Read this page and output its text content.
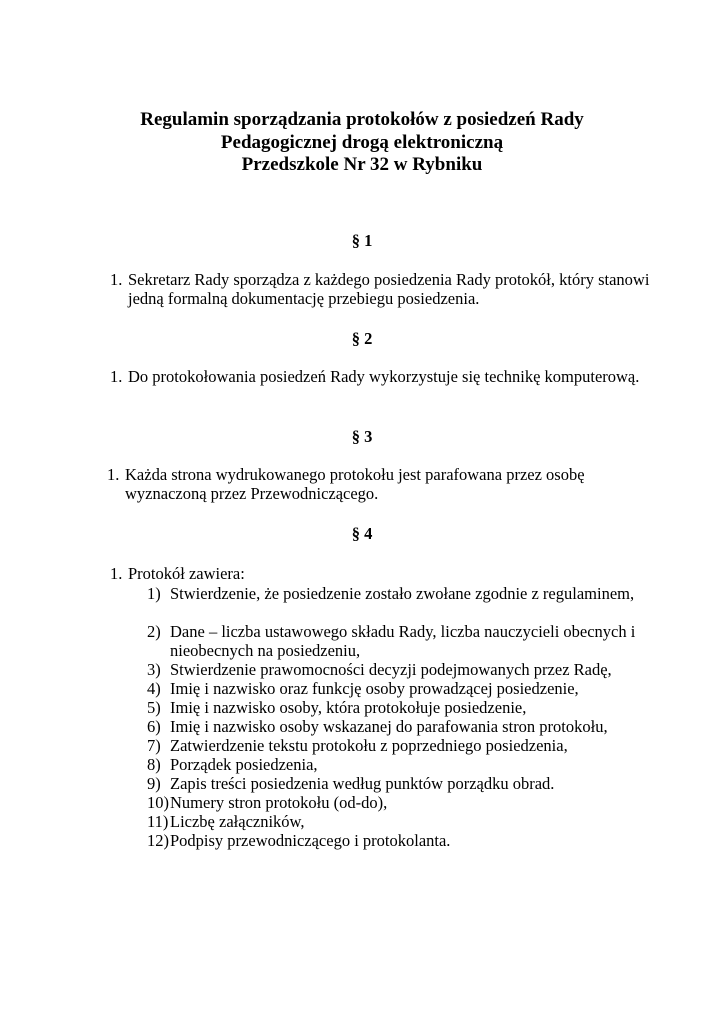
Regulamin sporządzania protokołów z posiedzeń Rady
Pedagogicznej drogą elektroniczną
Przedszkole Nr 32 w Rybniku
§ 1
1. Sekretarz Rady sporządza z każdego posiedzenia Rady protokół, który stanowi jedną formalną dokumentację przebiegu posiedzenia.
§ 2
1. Do protokołowania posiedzeń Rady wykorzystuje się technikę komputerową.
§ 3
1. Każda strona wydrukowanego protokołu jest parafowana przez osobę wyznaczoną przez Przewodniczącego.
§ 4
1. Protokół zawiera:
1) Stwierdzenie, że posiedzenie zostało zwołane zgodnie z regulaminem,
2) Dane – liczba ustawowego składu Rady, liczba nauczycieli obecnych i nieobecnych na posiedzeniu,
3) Stwierdzenie prawomocności decyzji podejmowanych przez Radę,
4) Imię i nazwisko oraz funkcję osoby prowadzącej posiedzenie,
5) Imię i nazwisko osoby, która protokołuje posiedzenie,
6) Imię i nazwisko osoby wskazanej do parafowania stron protokołu,
7) Zatwierdzenie tekstu protokołu z poprzedniego posiedzenia,
8) Porządek posiedzenia,
9) Zapis treści posiedzenia według punktów porządku obrad.
10) Numery stron protokołu (od-do),
11) Liczbę załączników,
12) Podpisy przewodniczącego i protokolanta.
